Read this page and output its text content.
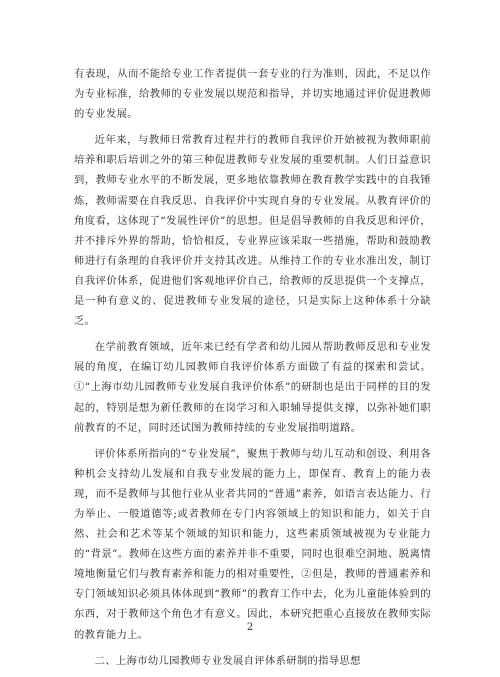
有表现，从而不能给专业工作者提供一套专业的行为准则，因此，不足以作为专业标准，给教师的专业发展以规范和指导，并切实地通过评价促进教师的专业发展。

近年来，与教师日常教育过程并行的教师自我评价开始被视为教师职前培养和职后培训之外的第三种促进教师专业发展的重要机制。人们日益意识到，教师专业水平的不断发展，更多地依靠教师在教育教学实践中的自我锤炼，教师需要在自我反思、自我评价中实现自身的专业发展。从教育评价的角度看，这体现了“发展性评价”的思想。但是倡导教师的自我反思和评价，并不排斥外界的帮助，恰恰相反，专业界应该采取一些措施，帮助和鼓励教师进行有条理的自我评价并支持其改进。从维持工作的专业水准出发，制订自我评价体系，促进他们客观地评价自己，给教师的反思提供一个支撑点，是一种有意义的、促进教师专业发展的途径，只是实际上这种体系十分缺乏。

在学前教育领域，近年来已经有学者和幼儿园从帮助教师反思和专业发展的角度，在编订幼儿园教师自我评价体系方面做了有益的探索和尝试。①“上海市幼儿园教师专业发展自我评价体系”的研制也是出于同样的目的发起的，特别是想为新任教师的在岗学习和入职辅导提供支撑，以弥补她们职前教育的不足，同时还试图为教师持续的专业发展指明道路。

评价体系所指向的“专业发展”，聚焦于教师与幼儿互动和创设、利用各种机会支持幼儿发展和自我专业发展的能力上，即保育、教育上的能力表现，而不是教师与其他行业从业者共同的“普通”素养，如语言表达能力、行为举止、一般道德等;或者教师在专门内容领域上的知识和能力，如关于自然、社会和艺术等某个领域的知识和能力，这些素质领域被视为专业能力的“背景”。教师在这些方面的素养并非不重要，同时也很难空洞地、脱离情境地衡量它们与教育素养和能力的相对重要性，②但是，教师的普通素养和专门领域知识必须具体体现到“教师”的教育工作中去，化为儿童能体验到的东西，对于教师这个角色才有意义。因此，本研究把重心直接放在教师实际的教育能力上。

二、上海市幼儿园教师专业发展自评体系研制的指导思想

2
